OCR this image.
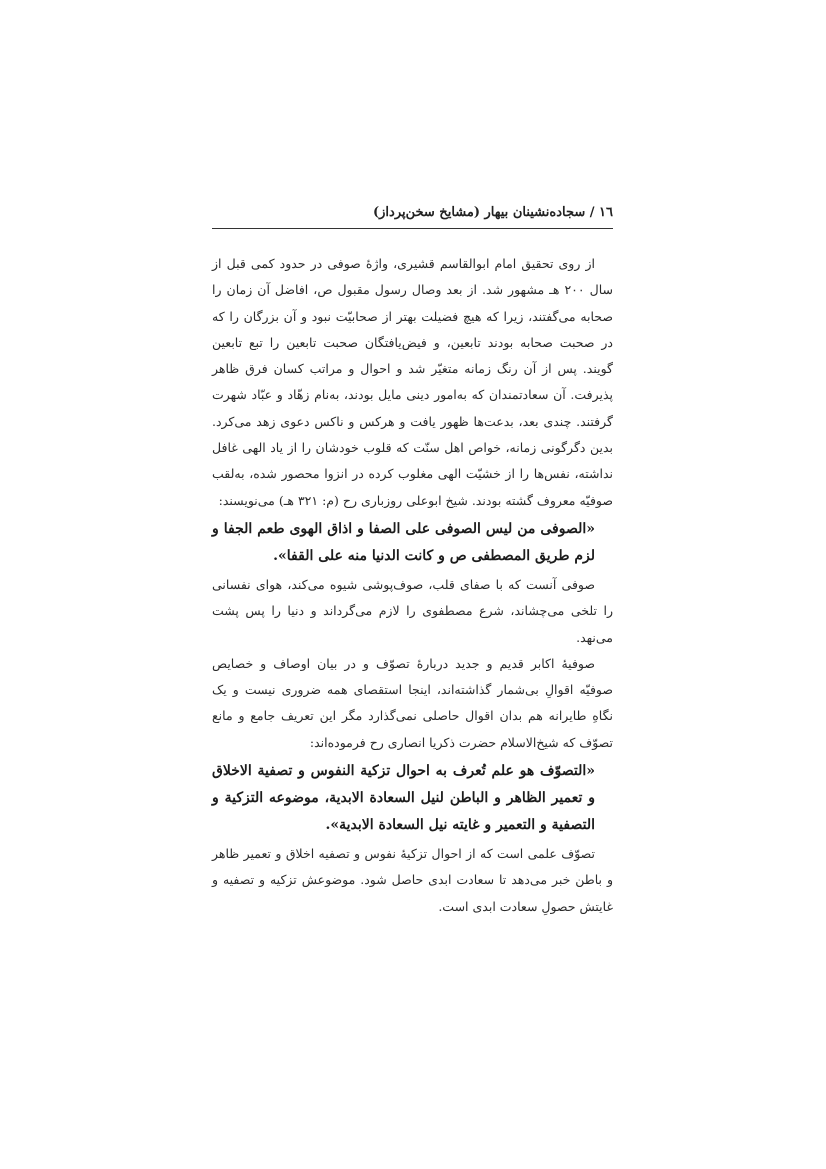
١٦ / سجاده‌نشینان بیهار (مشایخ سخن‌پرداز)

از روی تحقیق امام ابوالقاسم قشیری، واژهٔ صوفی در حدود کمی قبل از سال ۲۰۰ هـ مشهور شد. از بعد وصال رسول مقبول ص، افاضل آن زمان را صحابه می‌گفتند، زیرا که هیچ فضیلت بهتر از صحابیّت نبود و آن بزرگان را که در صحبت صحابه بودند تابعین، و فیض‌یافتگان صحبت تابعین را تبع تابعین گویند. پس از آن رنگ زمانه متغیّر شد و احوال و مراتب کسان فرق ظاهر پذیرفت. آن سعادتمندان که به‌امور دینی مایل بودند، به‌نام زهّاد و عبّاد شهرت گرفتند. چندی بعد، بدعت‌ها ظهور یافت و هرکس و ناکس دعوی زهد می‌کرد. بدین دگرگونی زمانه، خواص اهل سنّت که قلوب خودشان را از یاد الهی غافل نداشته، نفس‌ها را از خشیّت الهی مغلوب کرده در انزوا محصور شده، به‌لقب صوفیّه معروف گشته بودند. شیخ ابوعلی روزباری رح (م: ۳۲۱ هـ) می‌نویسند:

«الصوفی من لیس الصوفی علی الصفا و اذاق الهوی طعم الجفا و لزم طریق المصطفی ص و کانت الدنیا منه علی القفا».

صوفی آنست که با صفای قلب، صوف‌پوشی شیوه می‌کند، هوای نفسانی را تلخی می‌چشاند، شرع مصطفوی را لازم می‌گرداند و دنیا را پس پشت می‌نهد.

صوفیهٔ اکابر قدیم و جدید دربارهٔ تصوّف و در بیان اوصاف و خصایص صوفیّه اقوالِ بی‌شمار گذاشته‌اند، اینجا استقصای همه ضروری نیست و یک نگاهِ طایرانه هم بدان اقوال حاصلی نمی‌گذارد مگر این تعریف جامع و مانع تصوّف که شیخ‌الاسلام حضرت ذکریا انصاری رح فرموده‌اند:

«التصوّف هو علم تُعرف به احوال تزکیة النفوس و تصفیة الاخلاق و تعمیر الظاهر و الباطن لنیل السعادة الابدیة، موضوعه التزکیة و التصفیة و التعمیر و غایته نیل السعادة الابدیة».

تصوّف علمی است که از احوال تزکیهٔ نفوس و تصفیه اخلاق و تعمیر ظاهر و باطن خبر می‌دهد تا سعادت ابدی حاصل شود. موضوعش تزکیه و تصفیه و غایتش حصولِ سعادت ابدی است.
